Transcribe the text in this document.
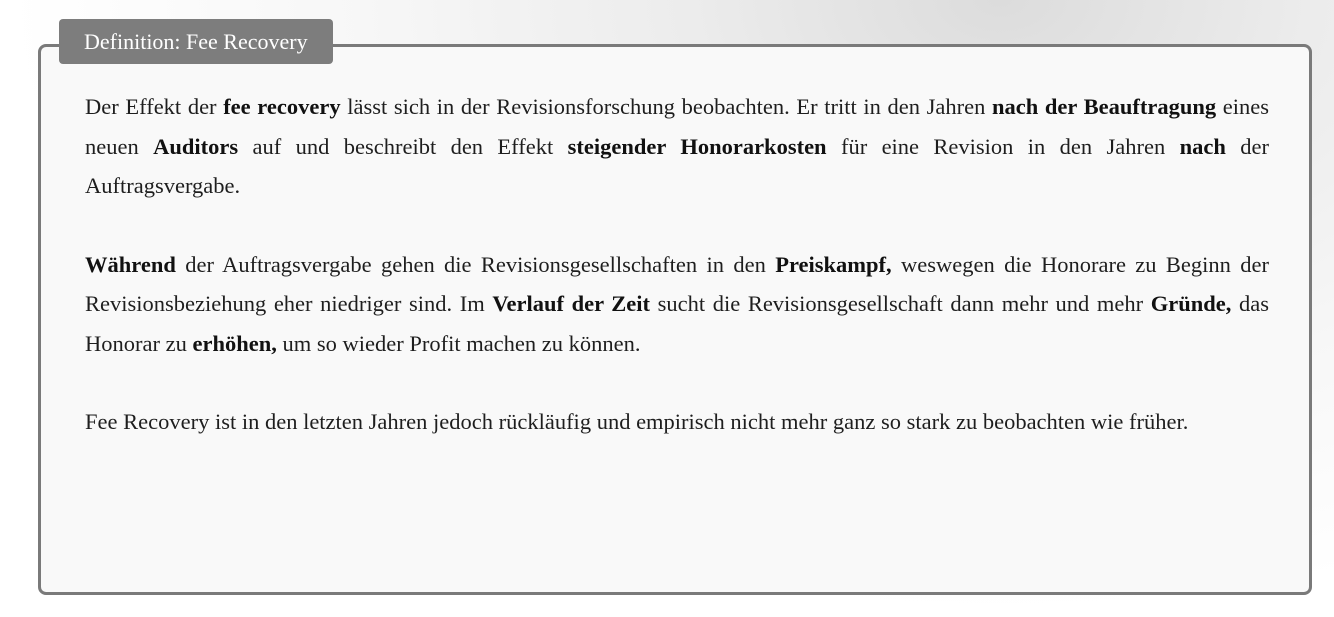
Definition: Fee Recovery

Der Effekt der fee recovery lässt sich in der Revisionsforschung beobachten. Er tritt in den Jahren nach der Beauftragung eines neuen Auditors auf und beschreibt den Effekt steigender Honorarkosten für eine Revision in den Jahren nach der Auftragsvergabe.

Während der Auftragsvergabe gehen die Revisionsgesellschaften in den Preiskampf, weswegen die Honorare zu Beginn der Revisionsbeziehung eher niedriger sind. Im Verlauf der Zeit sucht die Revisionsgesellschaft dann mehr und mehr Gründe, das Honorar zu erhöhen, um so wieder Profit machen zu können.

Fee Recovery ist in den letzten Jahren jedoch rückläufig und empirisch nicht mehr ganz so stark zu beobachten wie früher.
